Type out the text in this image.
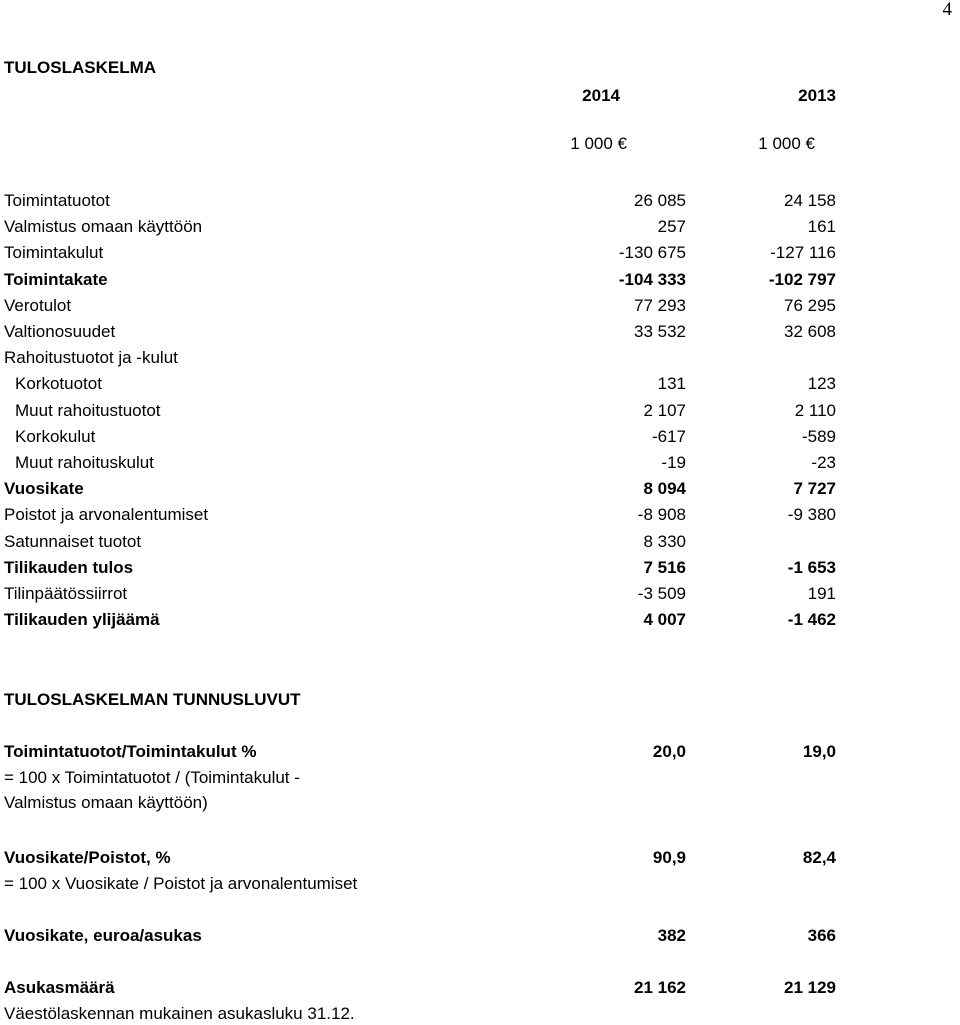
4
TULOSLASKELMA
2014	2013
1 000 €	1 000 €
Toimintatuotot	26 085	24 158
Valmistus omaan käyttöön	257	161
Toimintakulut	-130 675	-127 116
Toimintakate	-104 333	-102 797
Verotulot	77 293	76 295
Valtionosuudet	33 532	32 608
Rahoitustuotot ja -kulut
Korkotuotot	131	123
Muut rahoitustuotot	2 107	2 110
Korkokulut	-617	-589
Muut rahoituskulut	-19	-23
Vuosikate	8 094	7 727
Poistot ja arvonalentumiset	-8 908	-9 380
Satunnaiset tuotot	8 330
Tilikauden tulos	7 516	-1 653
Tilinpäätössiirrot	-3 509	191
Tilikauden ylijäämä	4 007	-1 462
TULOSLASKELMAN TUNNUSLUVUT
Toimintatuotot/Toimintakulut %	20,0	19,0
= 100 x Toimintatuotot / (Toimintakulut -
Valmistus omaan käyttöön)
Vuosikate/Poistot, %	90,9	82,4
= 100 x Vuosikate / Poistot ja arvonalentumiset
Vuosikate, euroa/asukas	382	366
Asukasmäärä	21 162	21 129
Väestölaskennan mukainen asukasluku 31.12.
